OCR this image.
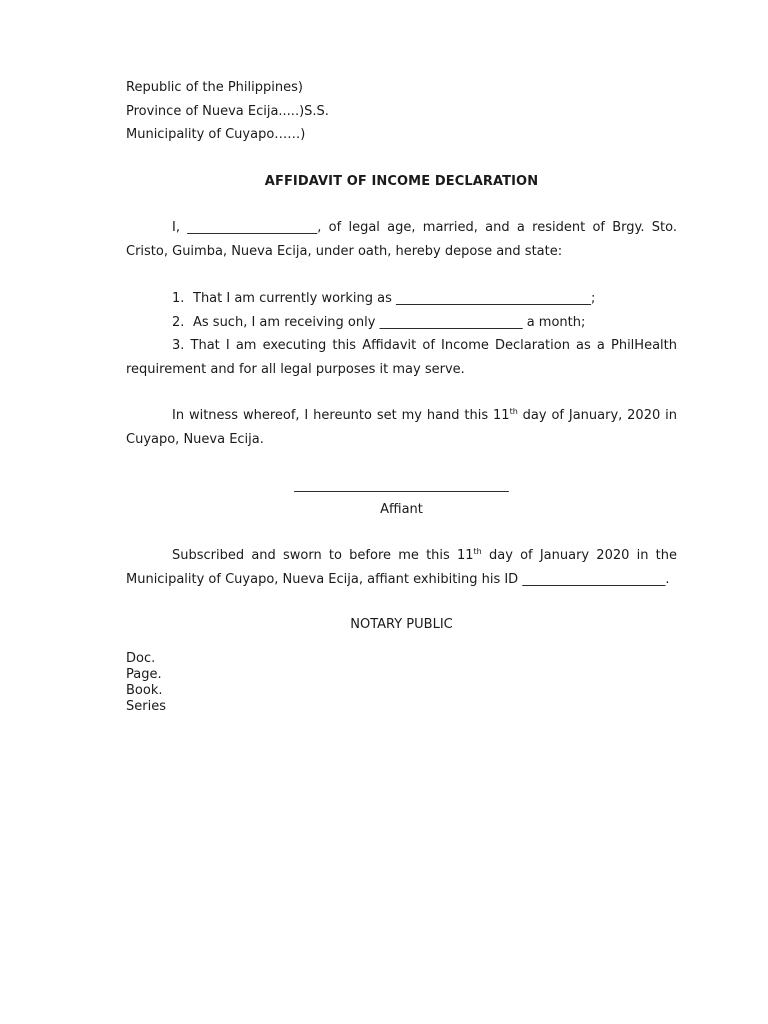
Republic of the Philippines)
Province of Nueva Ecija.....)S.S.
Municipality of Cuyapo……)
AFFIDAVIT OF INCOME DECLARATION

I, ____________________, of legal age, married, and a resident of Brgy. Sto. Cristo, Guimba, Nueva Ecija, under oath, hereby depose and state:

1. That I am currently working as ______________________________;
2. As such, I am receiving only ______________________ a month;

3. That I am executing this Affidavit of Income Declaration as a PhilHealth requirement and for all legal purposes it may serve.

In witness whereof, I hereunto set my hand this 11th day of January, 2020 in Cuyapo, Nueva Ecija.

_________________________________
Affiant

Subscribed and sworn to before me this 11th day of January 2020 in the Municipality of Cuyapo, Nueva Ecija, affiant exhibiting his ID ______________________.

NOTARY PUBLIC
Doc.
Page.
Book.
Series
